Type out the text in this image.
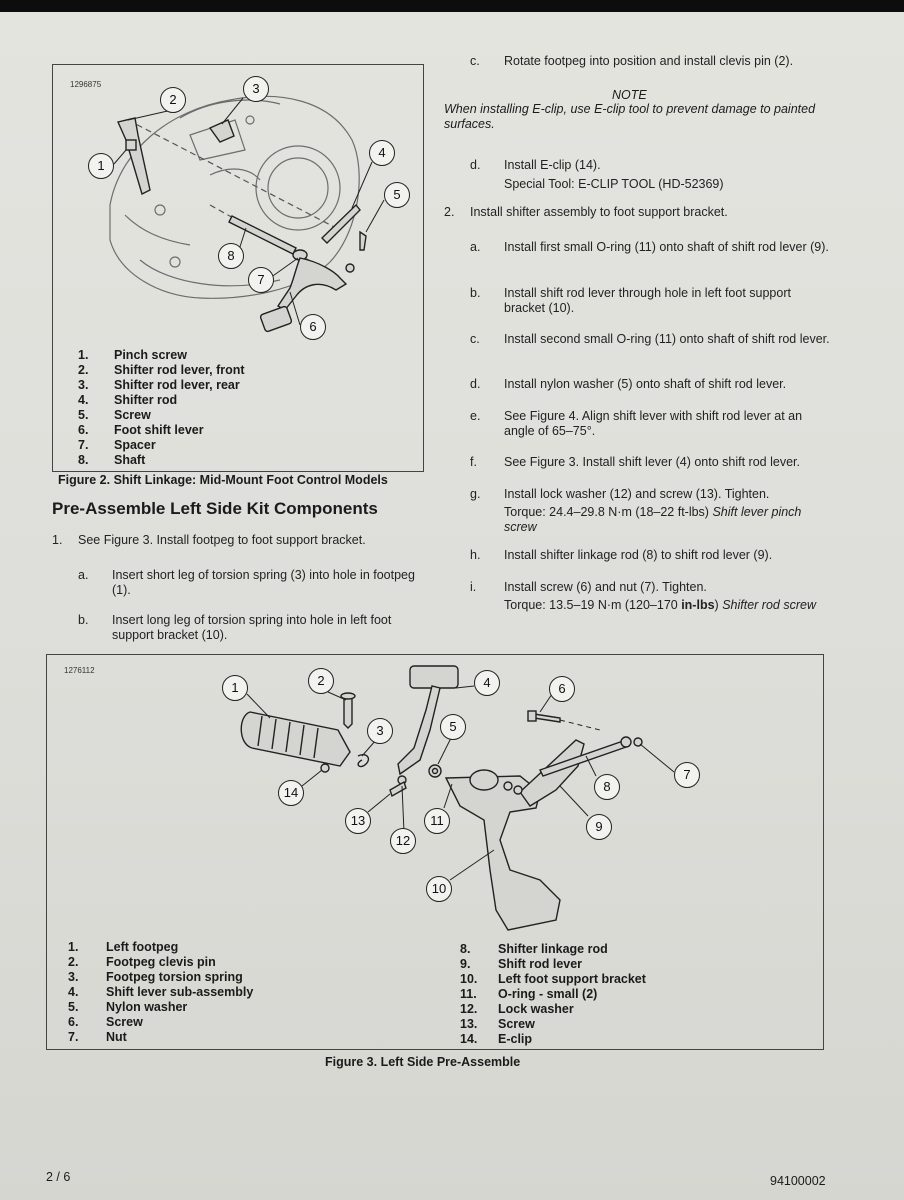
1296875
1
2
3
4
5
6
7
8
1. Pinch screw
2. Shifter rod lever, front
3. Shifter rod lever, rear
4. Shifter rod
5. Screw
6. Foot shift lever
7. Spacer
8. Shaft
Figure 2. Shift Linkage: Mid-Mount Foot Control Models
Pre-Assemble Left Side Kit Components
1. See Figure 3. Install footpeg to foot support bracket.
a. Insert short leg of torsion spring (3) into hole in footpeg (1).
b. Insert long leg of torsion spring into hole in left foot support bracket (10).
c. Rotate footpeg into position and install clevis pin (2).
NOTE
When installing E-clip, use E-clip tool to prevent damage to painted surfaces.
d. Install E-clip (14).
Special Tool: E-CLIP TOOL (HD-52369)
2. Install shifter assembly to foot support bracket.
a. Install first small O-ring (11) onto shaft of shift rod lever (9).
b. Install shift rod lever through hole in left foot support bracket (10).
c. Install second small O-ring (11) onto shaft of shift rod lever.
d. Install nylon washer (5) onto shaft of shift rod lever.
e. See Figure 4. Align shift lever with shift rod lever at an angle of 65–75°.
f. See Figure 3. Install shift lever (4) onto shift rod lever.
g. Install lock washer (12) and screw (13). Tighten.
Torque: 24.4–29.8 N·m (18–22 ft-lbs) Shift lever pinch screw
h. Install shifter linkage rod (8) to shift rod lever (9).
i. Install screw (6) and nut (7). Tighten.
Torque: 13.5–19 N·m (120–170 in-lbs) Shifter rod screw
1276112
1	2
3
4
5
6
7
8
9
10
11
12
13
14
1. Left footpeg
2. Footpeg clevis pin
3. Footpeg torsion spring
4. Shift lever sub-assembly
5. Nylon washer
6. Screw
7. Nut
8. Shifter linkage rod
9. Shift rod lever
10. Left foot support bracket
11. O-ring - small (2)
12. Lock washer
13. Screw
14. E-clip
Figure 3. Left Side Pre-Assemble
2 / 6	94100002
